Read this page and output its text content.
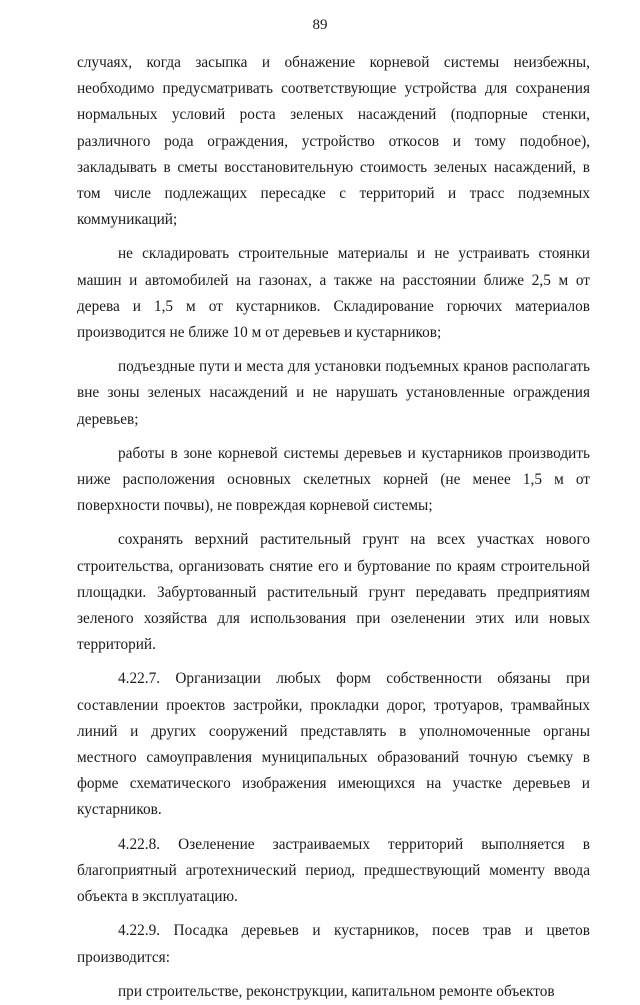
89

случаях, когда засыпка и обнажение корневой системы неизбежны, необходимо предусматривать соответствующие устройства для сохранения нормальных условий роста зеленых насаждений (подпорные стенки, различного рода ограждения, устройство откосов и тому подобное), закладывать в сметы восстановительную стоимость зеленых насаждений, в том числе подлежащих пересадке с территорий и трасс подземных коммуникаций;

не складировать строительные материалы и не устраивать стоянки машин и автомобилей на газонах, а также на расстоянии ближе 2,5 м от дерева и 1,5 м от кустарников. Складирование горючих материалов производится не ближе 10 м от деревьев и кустарников;

подъездные пути и места для установки подъемных кранов располагать вне зоны зеленых насаждений и не нарушать установленные ограждения деревьев;

работы в зоне корневой системы деревьев и кустарников производить ниже расположения основных скелетных корней (не менее 1,5 м от поверхности почвы), не повреждая корневой системы;

сохранять верхний растительный грунт на всех участках нового строительства, организовать снятие его и буртование по краям строительной площадки. Забуртованный растительный грунт передавать предприятиям зеленого хозяйства для использования при озеленении этих или новых территорий.

4.22.7. Организации любых форм собственности обязаны при составлении проектов застройки, прокладки дорог, тротуаров, трамвайных линий и других сооружений представлять в уполномоченные органы местного самоуправления муниципальных образований точную съемку в форме схематического изображения имеющихся на участке деревьев и кустарников.

4.22.8. Озеленение застраиваемых территорий выполняется в благоприятный агротехнический период, предшествующий моменту ввода объекта в эксплуатацию.

4.22.9. Посадка деревьев и кустарников, посев трав и цветов производится:

при строительстве, реконструкции, капитальном ремонте объектов
